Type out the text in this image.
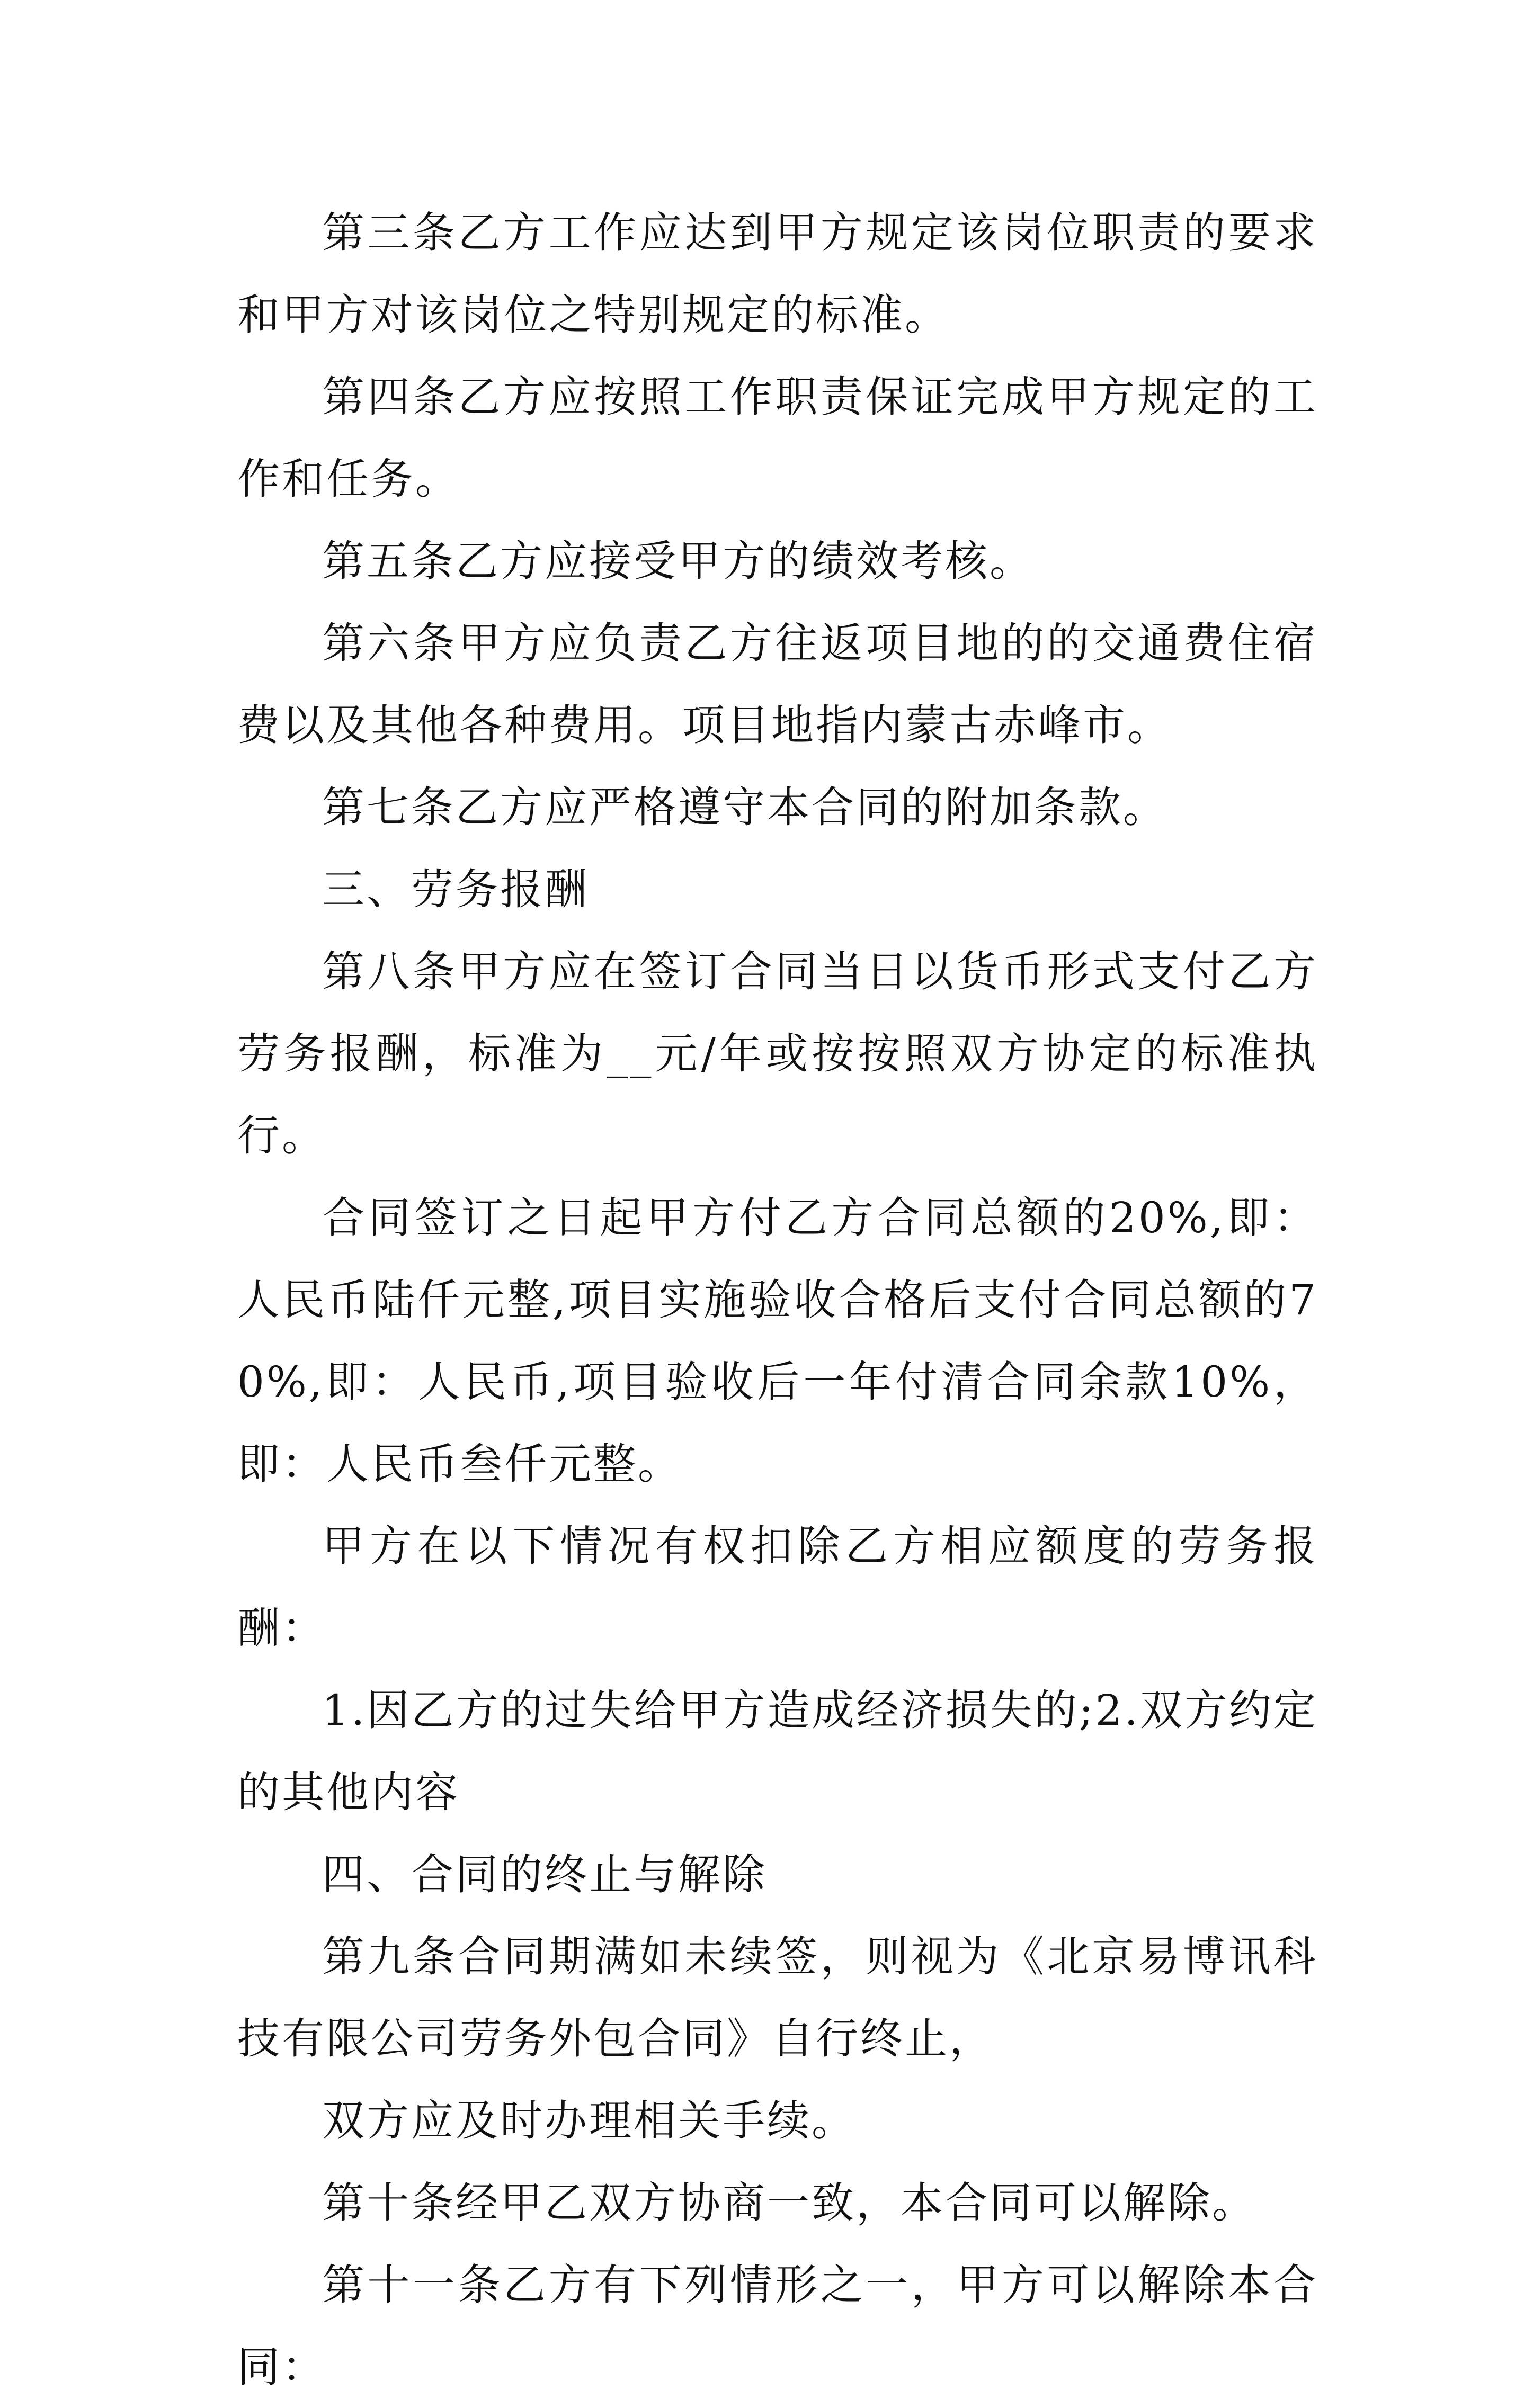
第三条乙方工作应达到甲方规定该岗位职责的要求和甲方对该岗位之特别规定的标准。

第四条乙方应按照工作职责保证完成甲方规定的工作和任务。

第五条乙方应接受甲方的绩效考核。

第六条甲方应负责乙方往返项目地的的交通费住宿费以及其他各种费用。项目地指内蒙古赤峰市。

第七条乙方应严格遵守本合同的附加条款。

三、劳务报酬

第八条甲方应在签订合同当日以货币形式支付乙方劳务报酬，标准为__元/年或按按照双方协定的标准执行。

合同签订之日起甲方付乙方合同总额的20%,即：人民币陆仟元整,项目实施验收合格后支付合同总额的70%,即：人民币,项目验收后一年付清合同余款10%，即：人民币叁仟元整。

甲方在以下情况有权扣除乙方相应额度的劳务报酬：

1.因乙方的过失给甲方造成经济损失的;2.双方约定的其他内容

四、合同的终止与解除

第九条合同期满如未续签，则视为《北京易博讯科技有限公司劳务外包合同》自行终止，

双方应及时办理相关手续。

第十条经甲乙双方协商一致，本合同可以解除。

第十一条乙方有下列情形之一，甲方可以解除本合同：
